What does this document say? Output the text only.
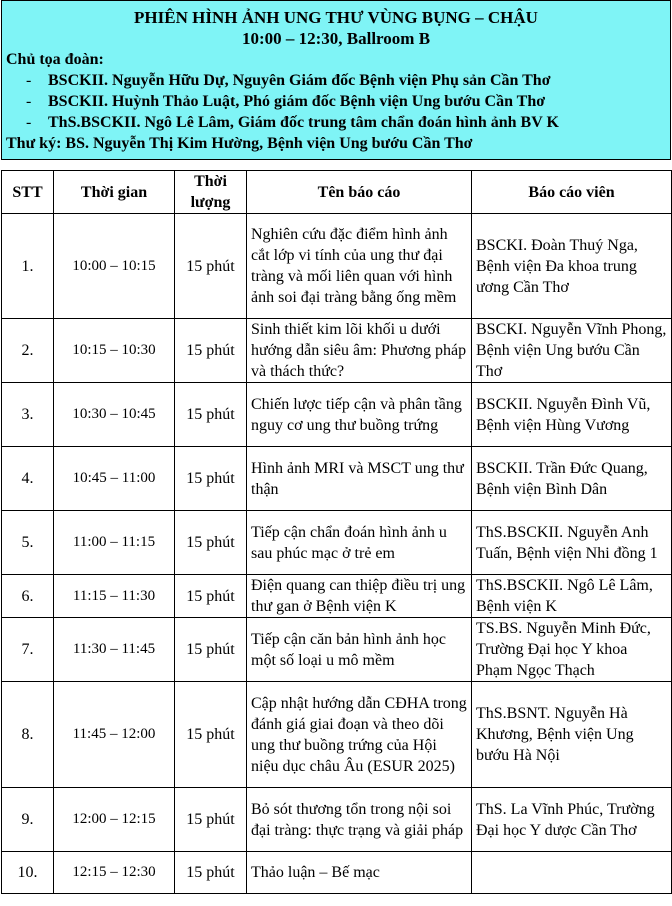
PHIÊN HÌNH ẢNH UNG THƯ VÙNG BỤNG – CHẬU
10:00 – 12:30, Ballroom B
Chủ tọa đoàn:
-	BSCKII. Nguyễn Hữu Dự, Nguyên Giám đốc Bệnh viện Phụ sản Cần Thơ
-	BSCKII. Huỳnh Thảo Luật, Phó giám đốc Bệnh viện Ung bướu Cần Thơ
-	ThS.BSCKII. Ngô Lê Lâm, Giám đốc trung tâm chẩn đoán hình ảnh BV K
Thư ký: BS. Nguyễn Thị Kim Hường, Bệnh viện Ung bướu Cần Thơ
STT	Thời gian	Thời lượng	Tên báo cáo	Báo cáo viên
1.	10:00 – 10:15	15 phút	Nghiên cứu đặc điểm hình ảnh cắt lớp vi tính của ung thư đại tràng và mối liên quan với hình ảnh soi đại tràng bằng ống mềm	BSCKI. Đoàn Thuý Nga, Bệnh viện Đa khoa trung ương Cần Thơ
2.	10:15 – 10:30	15 phút	Sinh thiết kim lõi khối u dưới hướng dẫn siêu âm: Phương pháp và thách thức?	BSCKI. Nguyễn Vĩnh Phong, Bệnh viện Ung bướu Cần Thơ
3.	10:30 – 10:45	15 phút	Chiến lược tiếp cận và phân tầng nguy cơ ung thư buồng trứng	BSCKII. Nguyễn Đình Vũ, Bệnh viện Hùng Vương
4.	10:45 – 11:00	15 phút	Hình ảnh MRI và MSCT ung thư thận	BSCKII. Trần Đức Quang, Bệnh viện Bình Dân
5.	11:00 – 11:15	15 phút	Tiếp cận chẩn đoán hình ảnh u sau phúc mạc ở trẻ em	ThS.BSCKII. Nguyễn Anh Tuấn, Bệnh viện Nhi đồng 1
6.	11:15 – 11:30	15 phút	Điện quang can thiệp điều trị ung thư gan ở Bệnh viện K	ThS.BSCKII. Ngô Lê Lâm, Bệnh viện K
7.	11:30 – 11:45	15 phút	Tiếp cận căn bản hình ảnh học một số loại u mô mềm	TS.BS. Nguyễn Minh Đức, Trường Đại học Y khoa Phạm Ngọc Thạch
8.	11:45 – 12:00	15 phút	Cập nhật hướng dẫn CĐHA trong đánh giá giai đoạn và theo dõi ung thư buồng trứng của Hội niệu dục châu Âu (ESUR 2025)	ThS.BSNT. Nguyễn Hà Khương, Bệnh viện Ung bướu Hà Nội
9.	12:00 – 12:15	15 phút	Bỏ sót thương tổn trong nội soi đại tràng: thực trạng và giải pháp	ThS. La Vĩnh Phúc, Trường Đại học Y dược Cần Thơ
10.	12:15 – 12:30	15 phút	Thảo luận – Bế mạc	
